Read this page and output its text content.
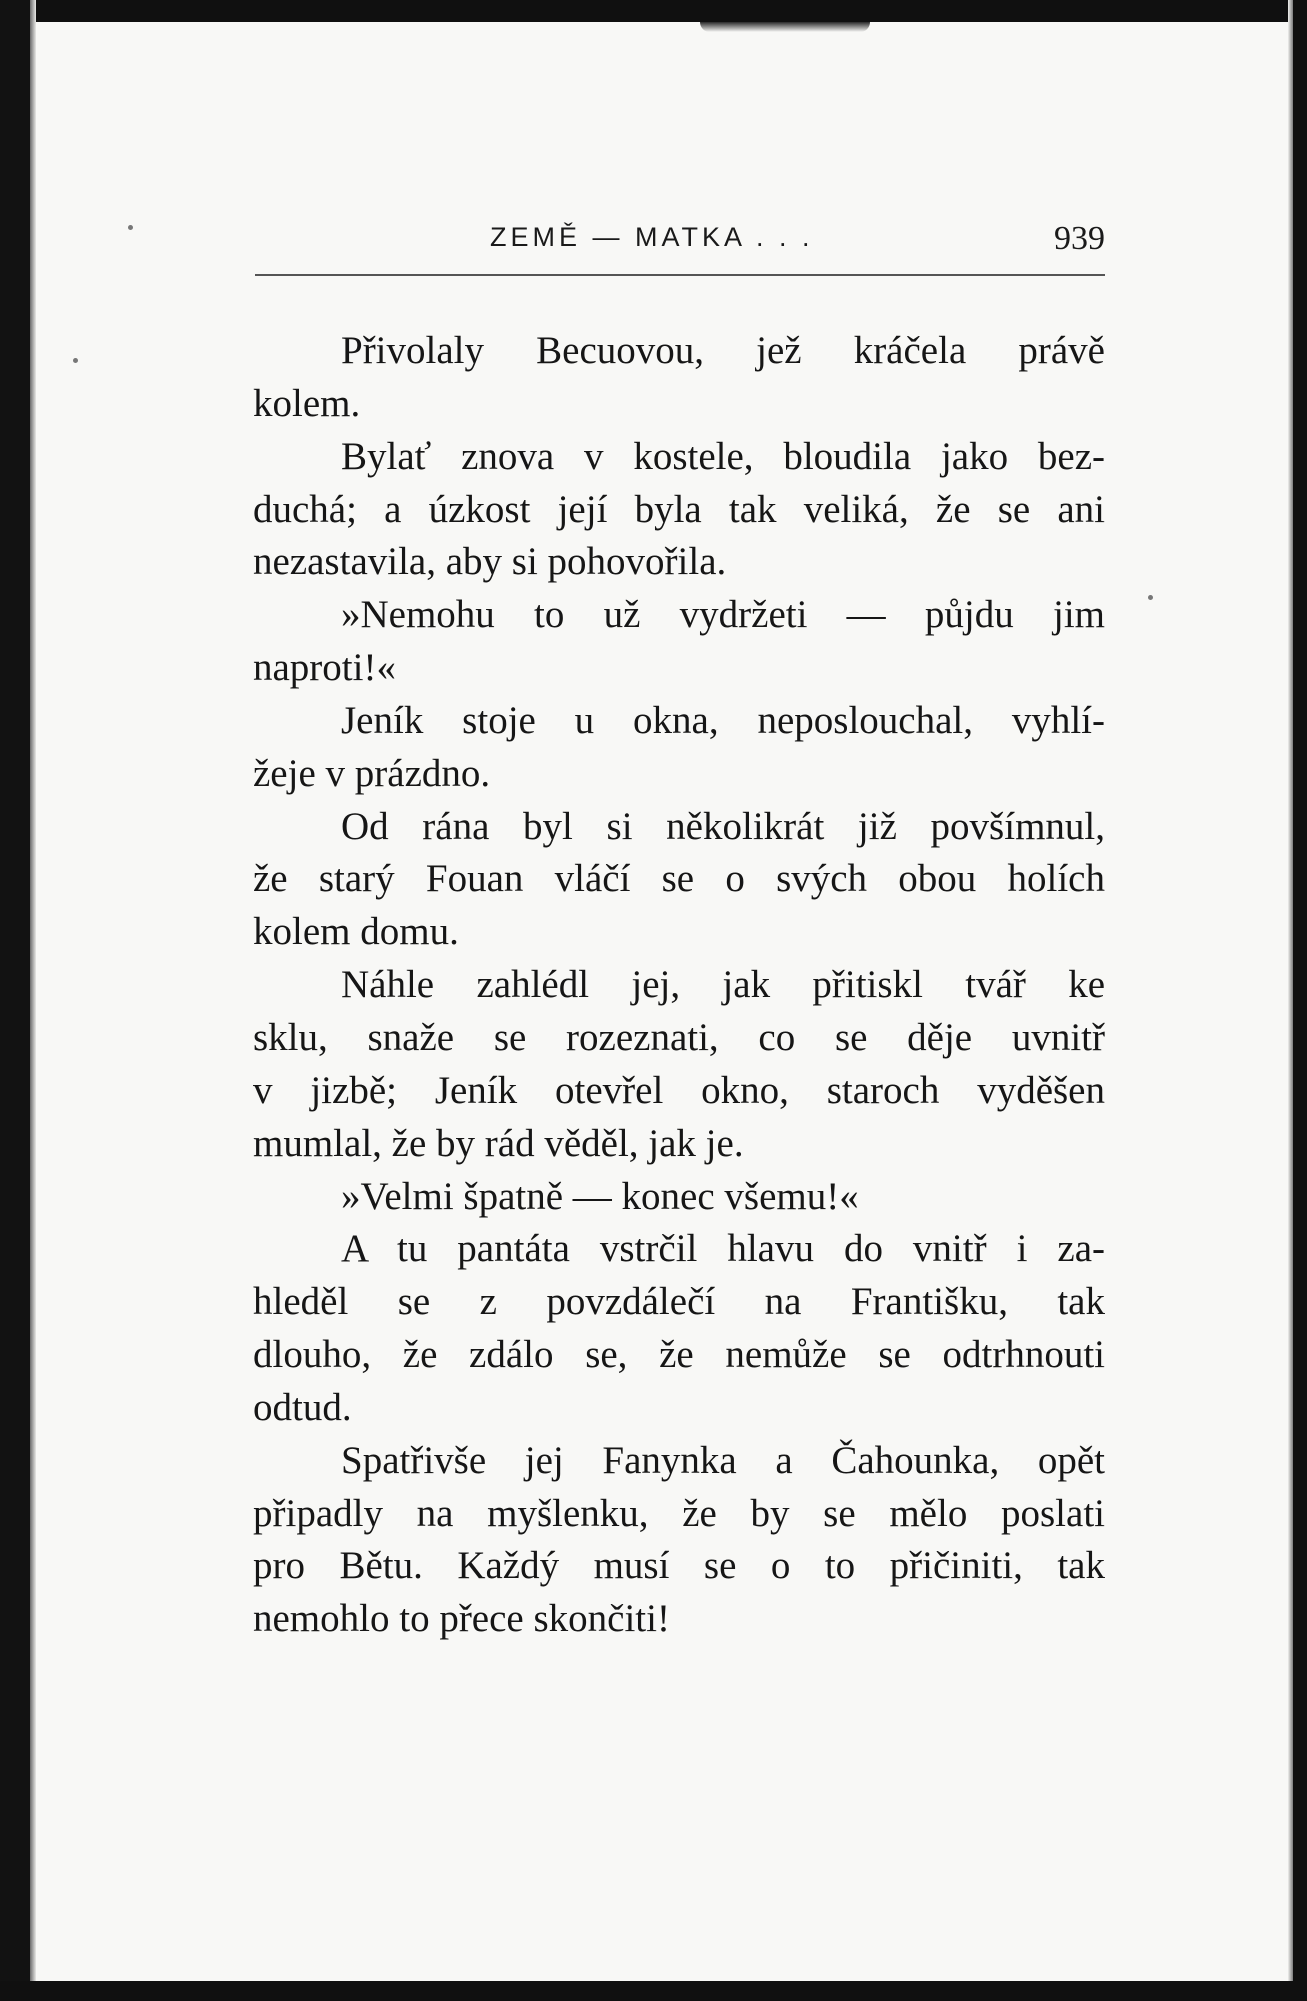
ZEMĚ — MATKA . . .	939
Přivolaly Becuovou, jež kráčela právě
kolem.
Bylať znova v kostele, bloudila jako bez-
duchá; a úzkost její byla tak veliká, že se ani
nezastavila, aby si pohovořila.
»Nemohu to už vydržeti — půjdu jim
naproti!«
Jeník stoje u okna, neposlouchal, vyhlí-
žeje v prázdno.
Od rána byl si několikrát již povšímnul,
že starý Fouan vláčí se o svých obou holích
kolem domu.
Náhle zahlédl jej, jak přitiskl tvář ke
sklu, snaže se rozeznati, co se děje uvnitř
v jizbě; Jeník otevřel okno, staroch vyděšen
mumlal, že by rád věděl, jak je.
»Velmi špatně — konec všemu!«
A tu pantáta vstrčil hlavu do vnitř i za-
hleděl se z povzdálečí na Františku, tak
dlouho, že zdálo se, že nemůže se odtrhnouti
odtud.
Spatřivše jej Fanynka a Čahounka, opět
připadly na myšlenku, že by se mělo poslati
pro Bětu. Každý musí se o to přičiniti, tak
nemohlo to přece skončiti!
